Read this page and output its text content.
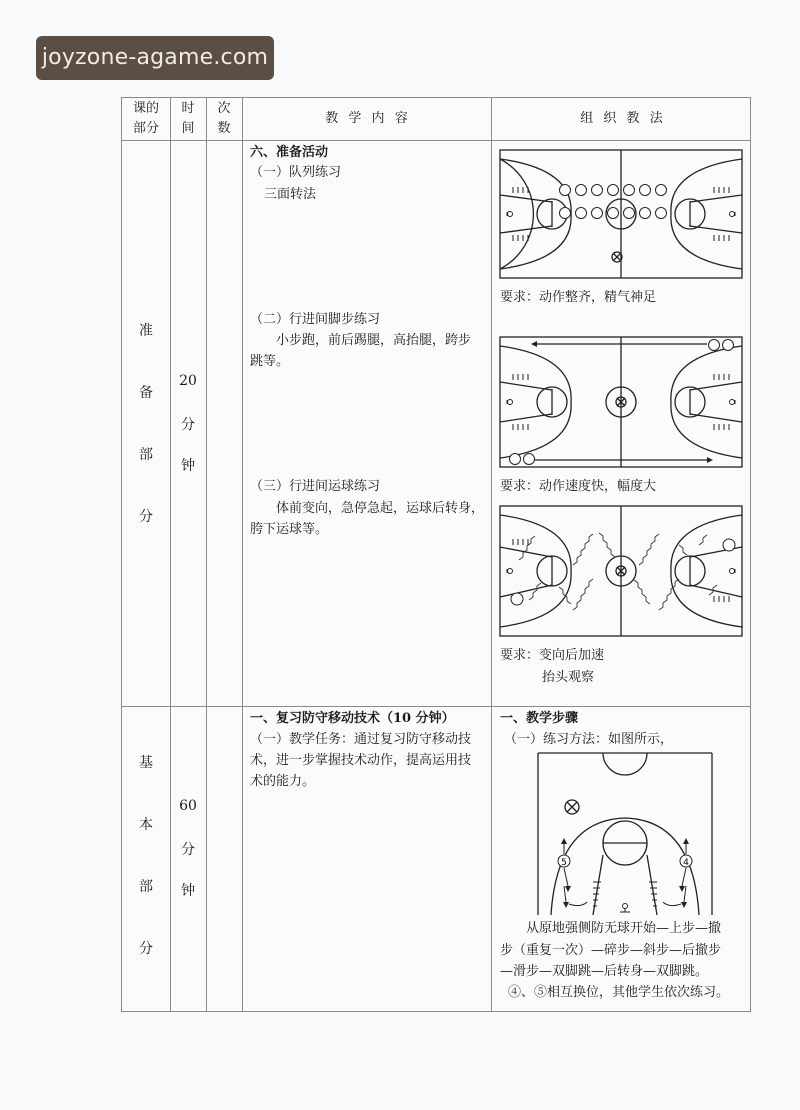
joyzone-agame.com
课的
部分
时
间
次
数
教 学 内 容	组 织 教 法
准
备
部
分
20
分
钟
六、准备活动
（一）队列练习
三面转法
（二）行进间脚步练习
小步跑，前后踢腿，高抬腿，跨步
跳等。
（三）行进间运球练习
体前变向，急停急起，运球后转身，
胯下运球等。
要求：动作整齐，精气神足
要求：动作速度快，幅度大
要求：变向后加速
抬头观察
基
本
部
分
60
分
钟
一、复习防守移动技术（10 分钟）
（一）教学任务：通过复习防守移动技
术，进一步掌握技术动作，提高运用技
术的能力。
一、教学步骤
（一）练习方法：如图所示，
5	4
从原地强侧防无球开始—上步—撤
步（重复一次）—碎步—斜步—后撤步
—滑步—双脚跳—后转身—双脚跳。
④、⑤相互换位，其他学生依次练习。
